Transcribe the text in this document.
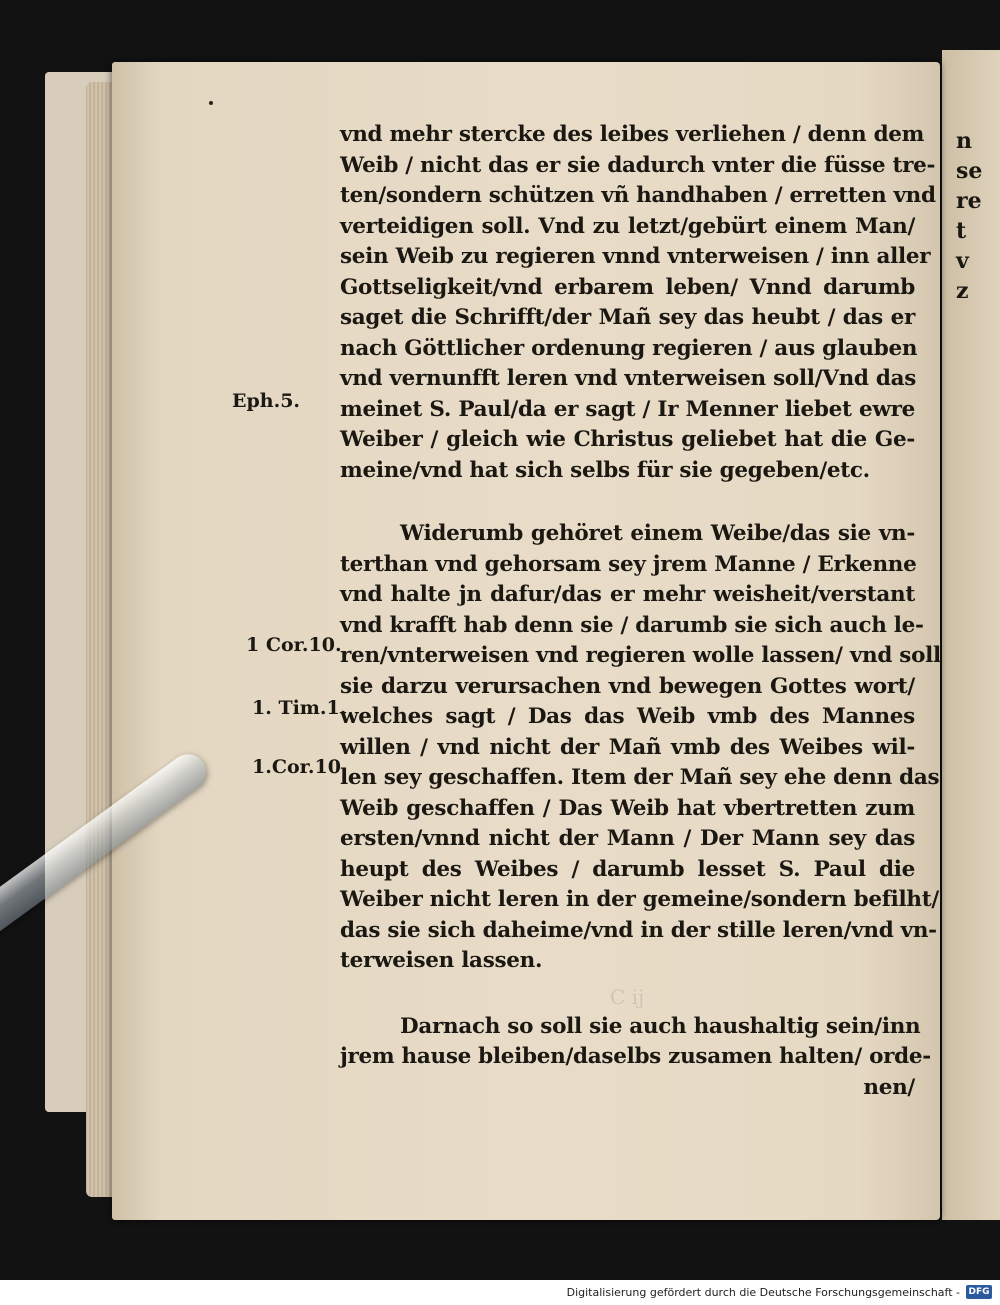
n
se
re
t
v
z
Eph.5.
1 Cor.10.
1. Tim.1.
1.Cor.10.
vnd mehr stercke des leibes verliehen / denn dem
Weib / nicht das er sie dadurch vnter die füsse tre-
ten/sondern schützen vñ handhaben / erretten vnd
verteidigen soll. Vnd zu letzt/gebürt einem Man/
sein Weib zu regieren vnnd vnterweisen / inn aller
Gottseligkeit/vnd erbarem leben/ Vnnd darumb
saget die Schrifft/der Mañ sey das heubt / das er
nach Göttlicher ordenung regieren / aus glauben
vnd vernunfft leren vnd vnterweisen soll/Vnd das
meinet S. Paul/da er sagt / Ir Menner liebet ewre
Weiber / gleich wie Christus geliebet hat die Ge-
meine/vnd hat sich selbs für sie gegeben/etc.
Widerumb gehöret einem Weibe/das sie vn-
terthan vnd gehorsam sey jrem Manne / Erkenne
vnd halte jn dafur/das er mehr weisheit/verstant
vnd krafft hab denn sie / darumb sie sich auch le-
ren/vnterweisen vnd regieren wolle lassen/ vnd soll
sie darzu verursachen vnd bewegen Gottes wort/
welches sagt / Das das Weib vmb des Mannes
willen / vnd nicht der Mañ vmb des Weibes wil-
len sey geschaffen. Item der Mañ sey ehe denn das
Weib geschaffen / Das Weib hat vbertretten zum
ersten/vnnd nicht der Mann / Der Mann sey das
heupt des Weibes / darumb lesset S. Paul die
Weiber nicht leren in der gemeine/sondern befilht/
das sie sich daheime/vnd in der stille leren/vnd vn-
terweisen lassen.
Darnach so soll sie auch haushaltig sein/inn
jrem hause bleiben/daselbs zusamen halten/ orde-
nen/
C ij
Digitalisierung gefördert durch die Deutsche Forschungsgemeinschaft - DFG
